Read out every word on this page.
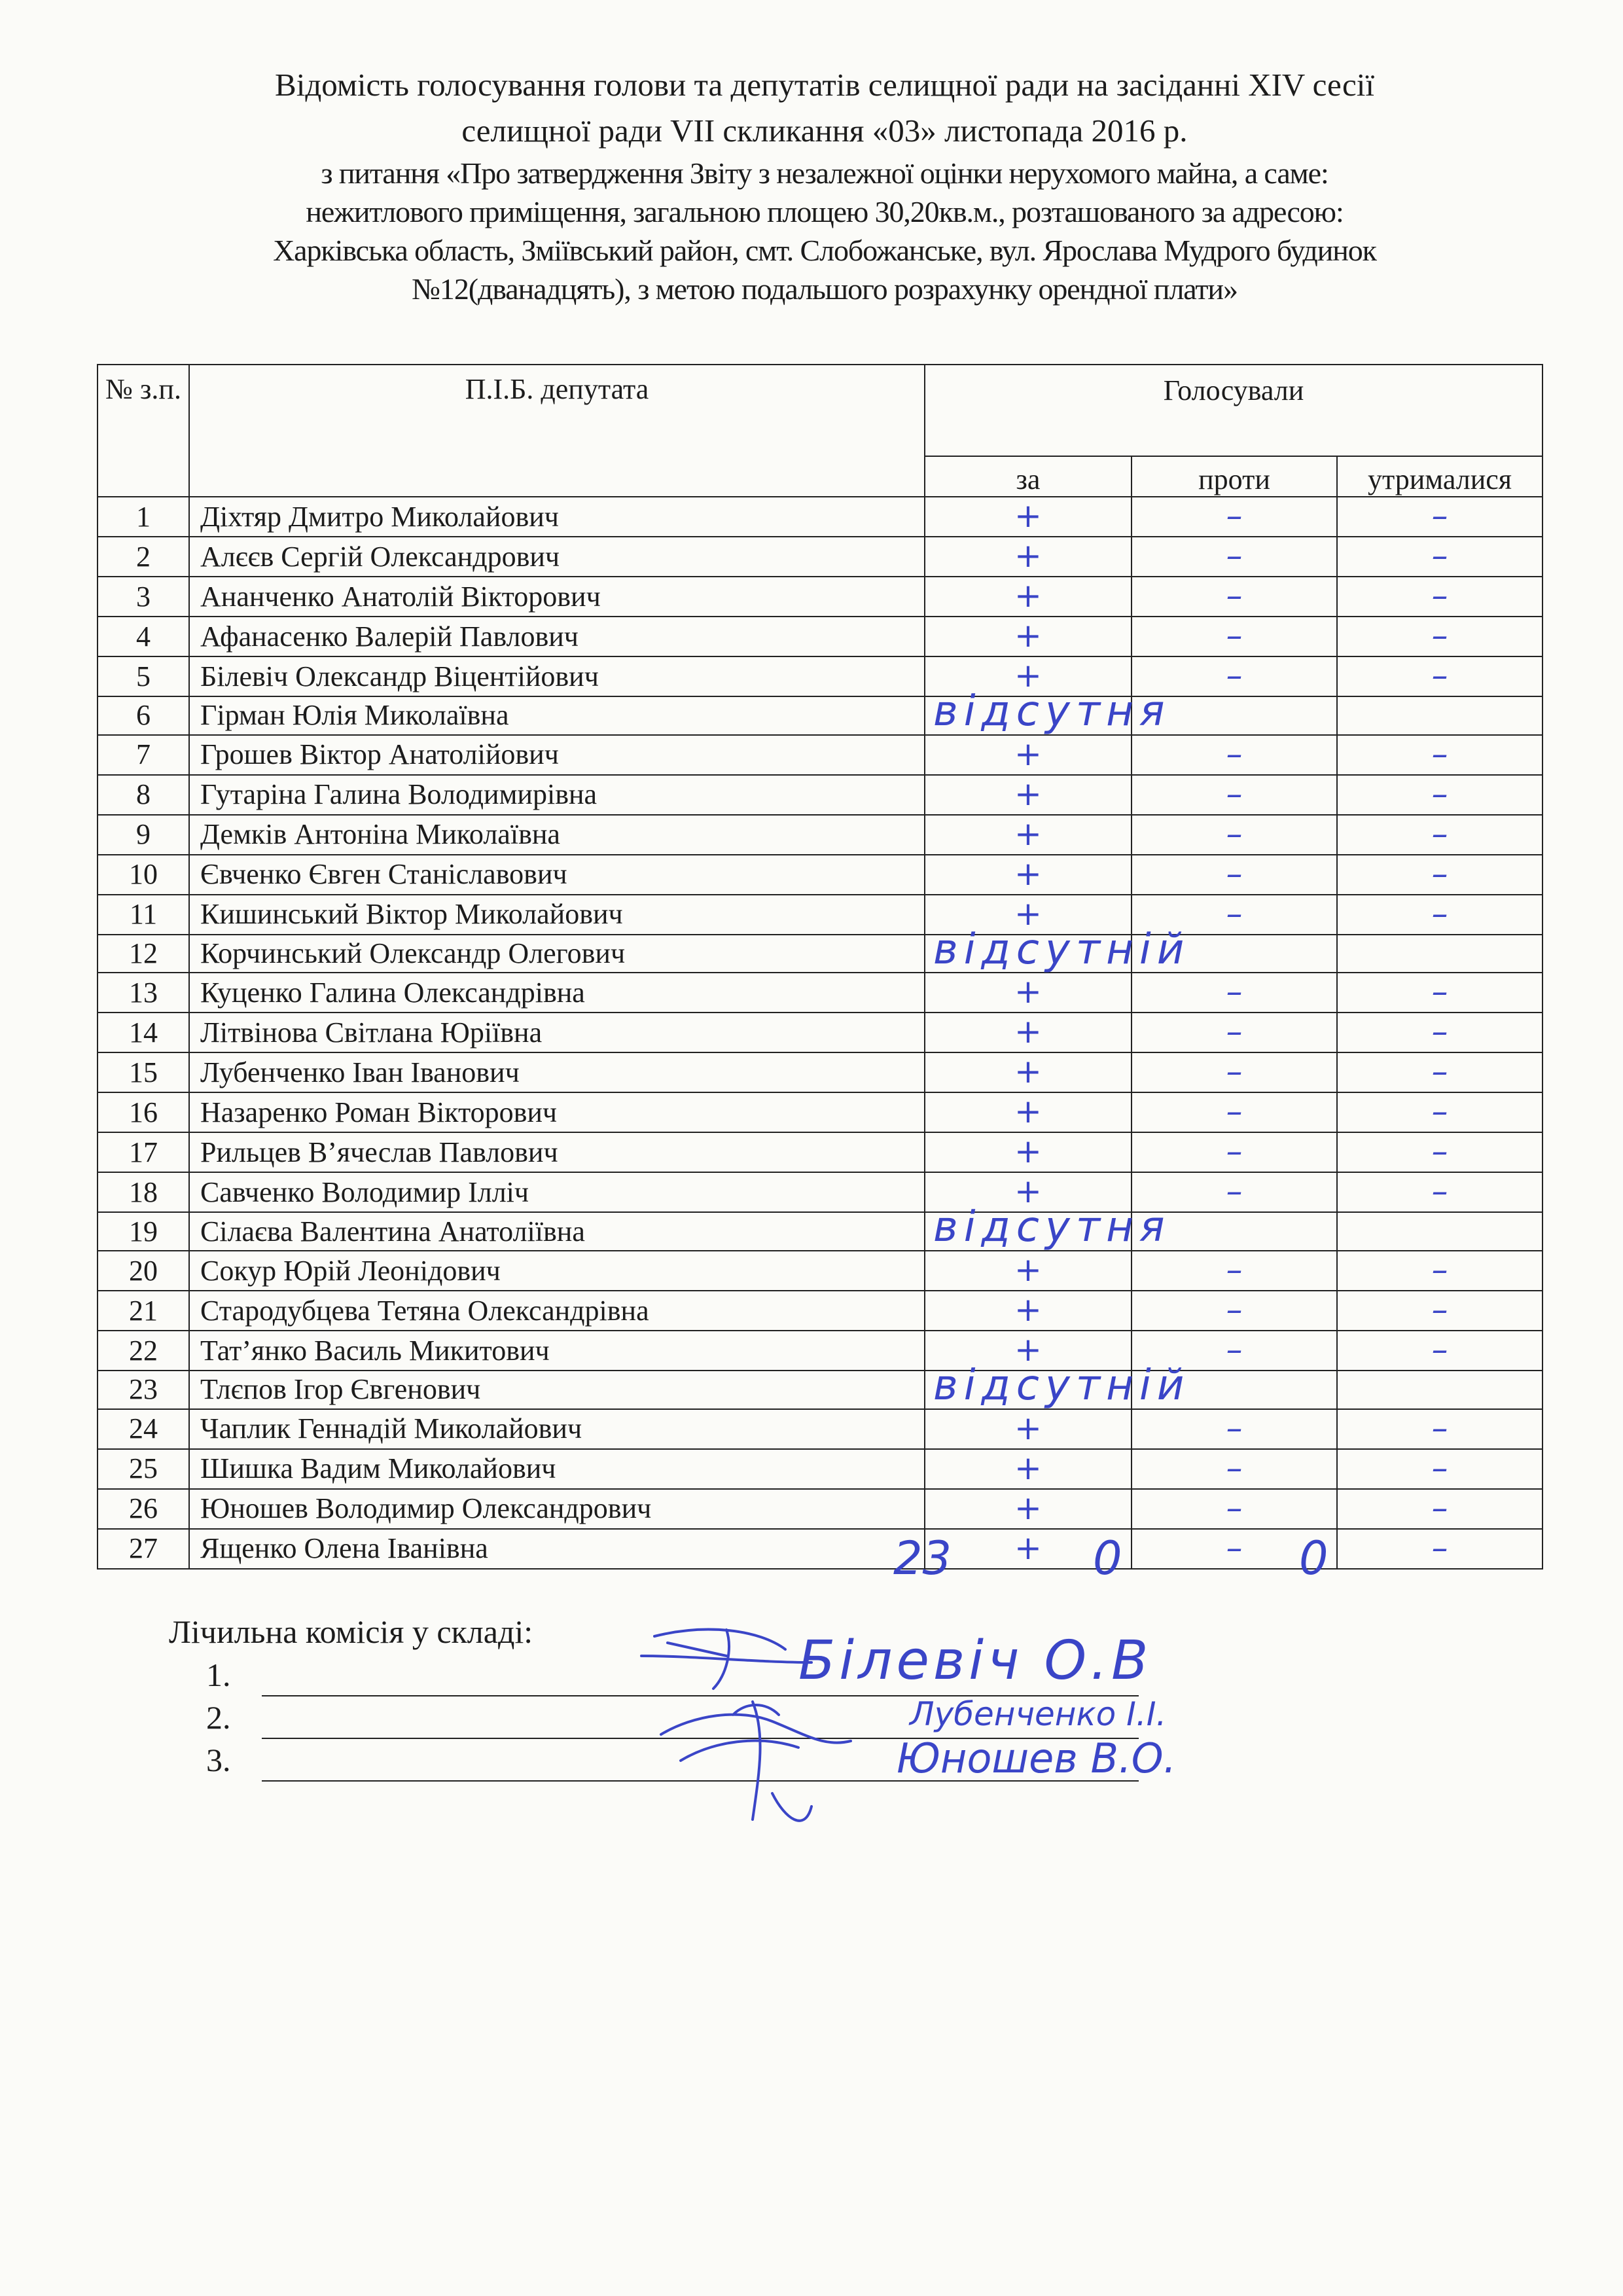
Відомість голосування голови та депутатів селищної ради на засіданні XIV сесії
селищної ради VII скликання «03» листопада 2016 р.
з питання «Про затвердження Звіту з незалежної оцінки нерухомого майна, а саме:
нежитлового приміщення, загальною площею 30,20кв.м., розташованого за адресою:
Харківська область, Зміївський район, смт. Слобожанське, вул. Ярослава Мудрого будинок
№12(дванадцять), з метою подальшого розрахунку орендної плати»
№ з.п.	П.І.Б. депутата	Голосували		
		за	проти	утрималися
1	Діхтяр Дмитро Миколайович	+	–	–
2	Алєєв Сергій Олександрович	+	–	–
3	Ананченко Анатолій Вікторович	+	–	–
4	Афанасенко Валерій Павлович	+	–	–
5	Білевіч Олександр Віцентійович	+	–	–
6	Гірман Юлія Миколаївна	відсутня		

7	Грошев Віктор Анатолійович	+	–	–
8	Гутаріна Галина Володимирівна	+	–	–
9	Демків Антоніна Миколаївна	+	–	–
10	Євченко Євген Станіславович	+	–	–
11	Кишинський Віктор Миколайович	+	–	–
12	Корчинський Олександр Олегович	відсутній		

13	Куценко Галина Олександрівна	+	–	–
14	Літвінова Світлана Юріївна	+	–	–
15	Лубенченко Іван Іванович	+	–	–
16	Назаренко Роман Вікторович	+	–	–
17	Рильцев В’ячеслав Павлович	+	–	–
18	Савченко Володимир Ілліч	+	–	–
19	Сілаєва Валентина Анатоліївна	відсутня		

20	Сокур Юрій Леонідович	+	–	–
21	Стародубцева Тетяна Олександрівна	+	–	–
22	Тат’янко Василь Микитович	+	–	–
23	Тлєпов Ігор Євгенович	відсутній		

24	Чаплик Геннадій Миколайович	+	–	–
25	Шишка Вадим Миколайович	+	–	–
26	Юношев Володимир Олександрович	+	–	–
27	Ященко Олена Іванівна	+	–	–
23	0	0
Лічильна комісія у складі:
1.	Білевіч О.В
2.	Лубенченко І.І.
3.	Юношев В.О.
